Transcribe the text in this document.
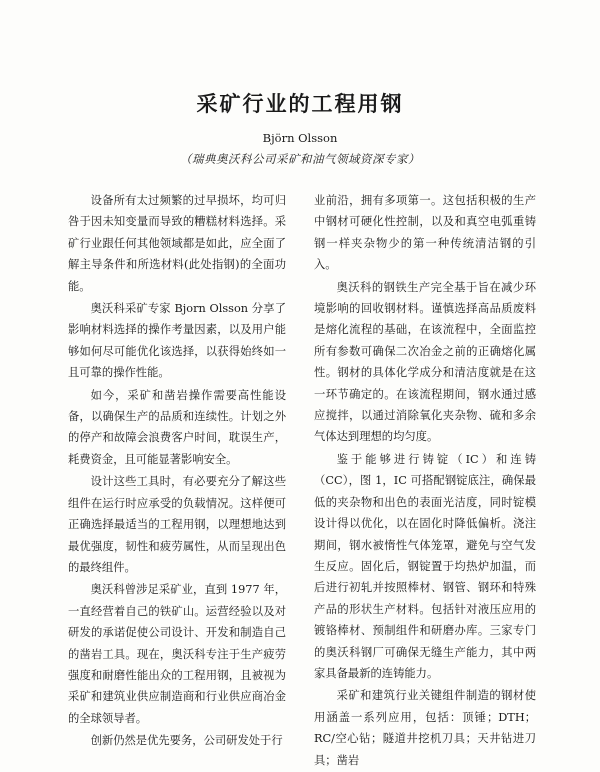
采矿行业的工程用钢
Björn Olsson
（瑞典奥沃科公司采矿和油气领域资深专家）

设备所有太过频繁的过早损坏，均可归咎于因未知变量而导致的糟糕材料选择。采矿行业跟任何其他领域都是如此，应全面了解主导条件和所选材料(此处指钢)的全面功能。

奥沃科采矿专家 Bjorn Olsson 分享了影响材料选择的操作考量因素，以及用户能够如何尽可能优化该选择，以获得始终如一且可靠的操作性能。

如今，采矿和凿岩操作需要高性能设备，以确保生产的品质和连续性。计划之外的停产和故障会浪费客户时间，耽误生产，耗费资金，且可能显著影响安全。

设计这些工具时，有必要充分了解这些组件在运行时应承受的负载情况。这样便可正确选择最适当的工程用钢，以理想地达到最优强度，韧性和疲劳属性，从而呈现出色的最终组件。

奥沃科曾涉足采矿业，直到 1977 年，一直经营着自己的铁矿山。运营经验以及对研发的承诺促使公司设计、开发和制造自己的凿岩工具。现在，奥沃科专注于生产疲劳强度和耐磨性能出众的工程用钢，且被视为采矿和建筑业供应制造商和行业供应商冶金的全球领导者。

创新仍然是优先要务，公司研发处于行

业前沿，拥有多项第一。这包括积极的生产中钢材可硬化性控制，以及和真空电弧重铸钢一样夹杂物少的第一种传统清洁钢的引入。

奥沃科的钢铁生产完全基于旨在减少环境影响的回收钢材料。谨慎选择高品质废料是熔化流程的基础，在该流程中，全面监控所有参数可确保二次冶金之前的正确熔化属性。钢材的具体化学成分和清洁度就是在这一环节确定的。在该流程期间，钢水通过感应搅拌，以通过消除氧化夹杂物、硫和多余气体达到理想的均匀度。

鉴于能够进行铸锭（IC）和连铸（CC），图 1，IC 可搭配钢锭底注，确保最低的夹杂物和出色的表面光洁度，同时锭模设计得以优化，以在固化时降低偏析。浇注期间，钢水被惰性气体笼罩，避免与空气发生反应。固化后，钢锭置于均热炉加温，而后进行初轧并按照棒材、钢管、钢环和特殊产品的形状生产材料。包括针对液压应用的镀铬棒材、预制组件和研磨办库。三家专门的奥沃科钢厂可确保无缝生产能力，其中两家具备最新的连铸能力。

采矿和建筑行业关键组件制造的钢材使用涵盖一系列应用，包括：顶锤；DTH；RC/空心钻；隧道井挖机刀具；天井钻进刀具；凿岩
